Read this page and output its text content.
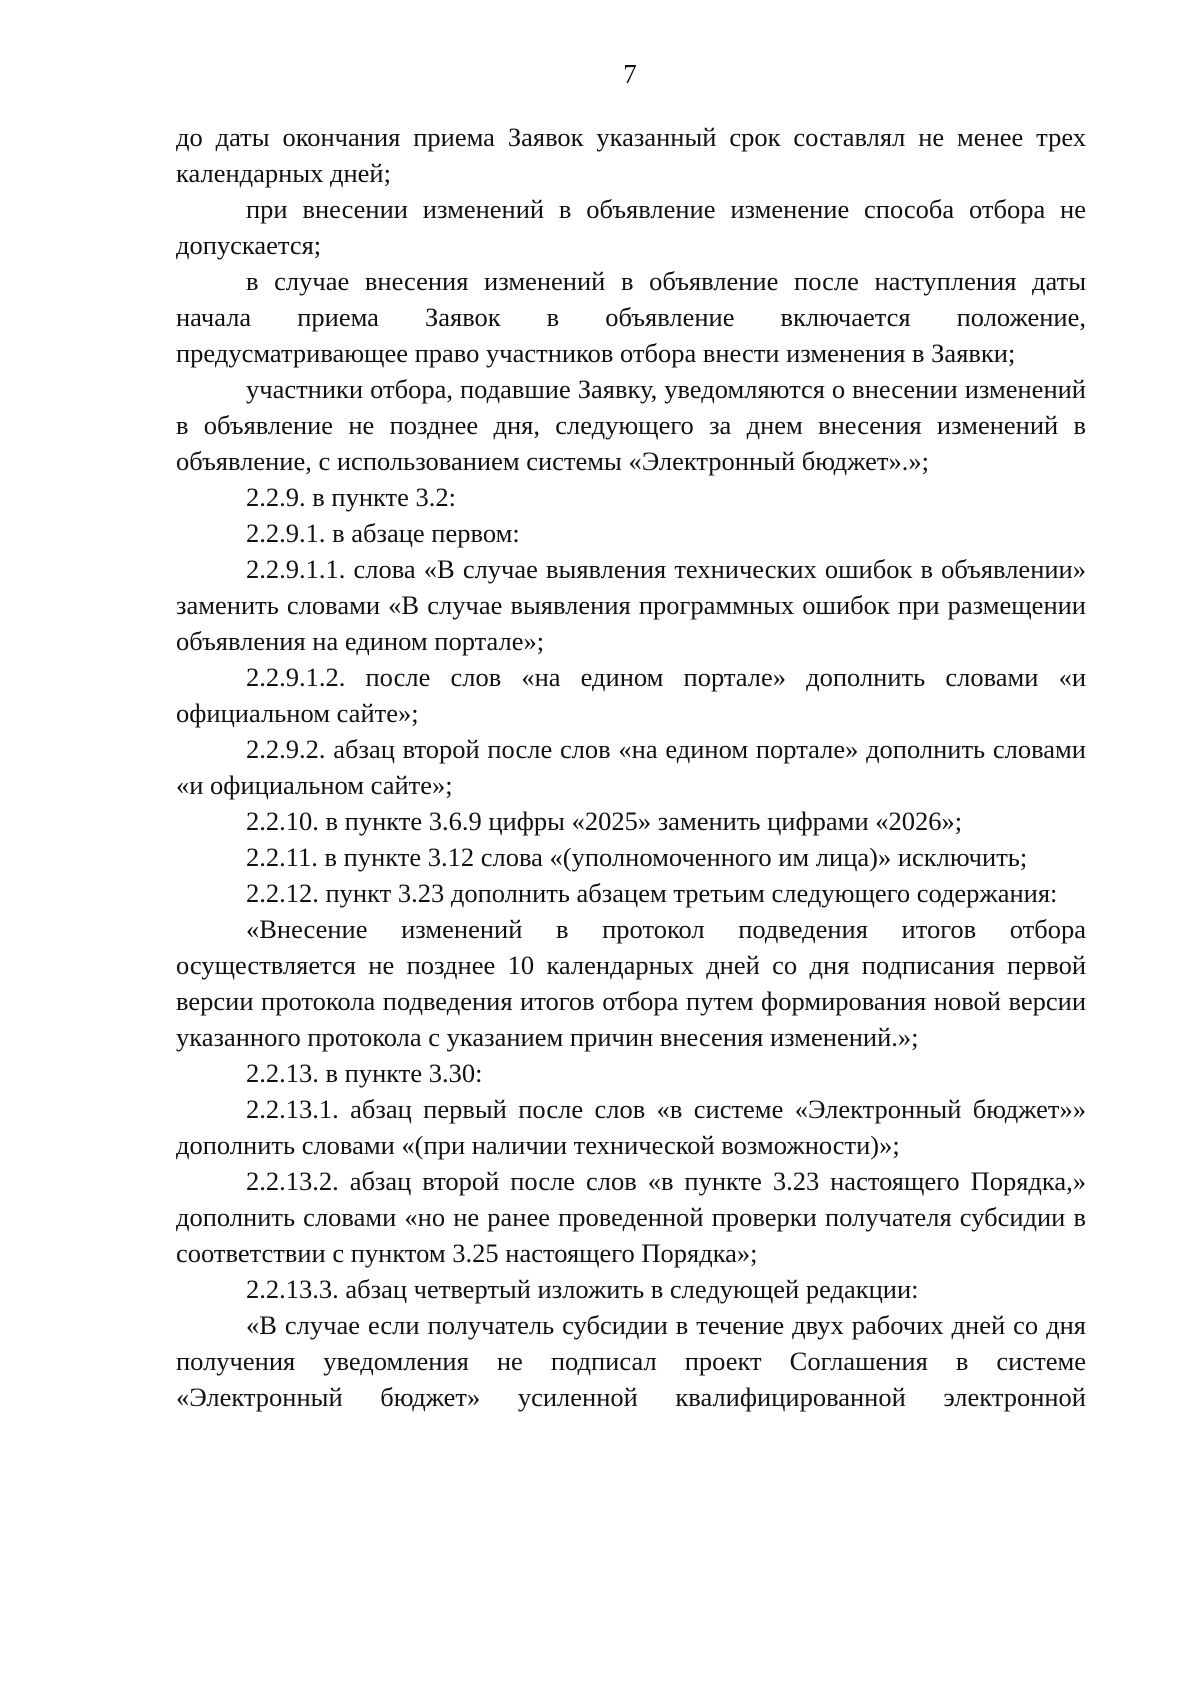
7

до даты окончания приема Заявок указанный срок составлял не менее трех календарных дней;

при внесении изменений в объявление изменение способа отбора не допускается;

в случае внесения изменений в объявление после наступления даты начала приема Заявок в объявление включается положение, предусматривающее право участников отбора внести изменения в Заявки;

участники отбора, подавшие Заявку, уведомляются о внесении изменений в объявление не позднее дня, следующего за днем внесения изменений в объявление, с использованием системы «Электронный бюджет».»;

2.2.9. в пункте 3.2:

2.2.9.1. в абзаце первом:

2.2.9.1.1. слова «В случае выявления технических ошибок в объявлении» заменить словами «В случае выявления программных ошибок при размещении объявления на едином портале»;

2.2.9.1.2. после слов «на едином портале» дополнить словами «и официальном сайте»;

2.2.9.2. абзац второй после слов «на едином портале» дополнить словами «и официальном сайте»;

2.2.10. в пункте 3.6.9 цифры «2025» заменить цифрами «2026»;

2.2.11. в пункте 3.12 слова «(уполномоченного им лица)» исключить;

2.2.12. пункт 3.23 дополнить абзацем третьим следующего содержания:

«Внесение изменений в протокол подведения итогов отбора осуществляется не позднее 10 календарных дней со дня подписания первой версии протокола подведения итогов отбора путем формирования новой версии указанного протокола с указанием причин внесения изменений.»;

2.2.13. в пункте 3.30:

2.2.13.1. абзац первый после слов «в системе «Электронный бюджет»» дополнить словами «(при наличии технической возможности)»;

2.2.13.2. абзац второй после слов «в пункте 3.23 настоящего Порядка,» дополнить словами «но не ранее проведенной проверки получателя субсидии в соответствии с пунктом 3.25 настоящего Порядка»;

2.2.13.3. абзац четвертый изложить в следующей редакции:

«В случае если получатель субсидии в течение двух рабочих дней со дня получения уведомления не подписал проект Соглашения в системе «Электронный бюджет» усиленной квалифицированной электронной
